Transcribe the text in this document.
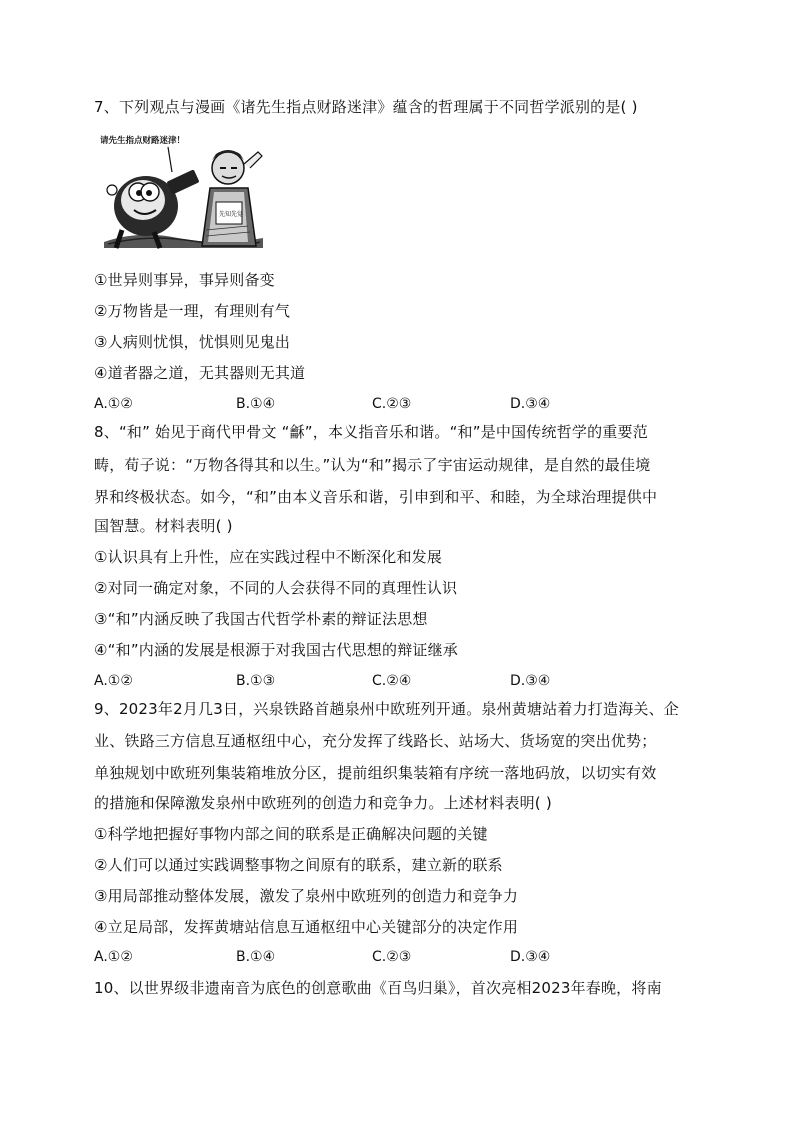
7、下列观点与漫画《诸先生指点财路迷津》蕴含的哲理属于不同哲学派别的是( )
请先生指点财路迷津！
先知先觉
①世异则事异，事异则备变
②万物皆是一理，有理则有气
③人病则忧惧，忧惧则见鬼出
④道者器之道，无其器则无其道
A.①②	B.①④	C.②③	D.③④
8、“和” 始见于商代甲骨文 “龢”，本义指音乐和谐。“和”是中国传统哲学的重要范
畴，荀子说：“万物各得其和以生。”认为“和”揭示了宇宙运动规律，是自然的最佳境
界和终极状态。如今，“和”由本义音乐和谐，引申到和平、和睦，为全球治理提供中
国智慧。材料表明( )
①认识具有上升性，应在实践过程中不断深化和发展
②对同一确定对象，不同的人会获得不同的真理性认识
③“和”内涵反映了我国古代哲学朴素的辩证法思想
④“和”内涵的发展是根源于对我国古代思想的辩证继承
A.①②	B.①③	C.②④	D.③④
9、2023年2月几3日，兴泉铁路首趟泉州中欧班列开通。泉州黄塘站着力打造海关、企
业、铁路三方信息互通枢纽中心，充分发挥了线路长、站场大、货场宽的突出优势；
单独规划中欧班列集装箱堆放分区，提前组织集装箱有序统一落地码放，以切实有效
的措施和保障激发泉州中欧班列的创造力和竞争力。上述材料表明( )
①科学地把握好事物内部之间的联系是正确解决问题的关键
②人们可以通过实践调整事物之间原有的联系，建立新的联系
③用局部推动整体发展，激发了泉州中欧班列的创造力和竞争力
④立足局部，发挥黄塘站信息互通枢纽中心关键部分的决定作用
A.①②	B.①④	C.②③	D.③④
10、以世界级非遗南音为底色的创意歌曲《百鸟归巢》，首次亮相2023年春晚，将南
